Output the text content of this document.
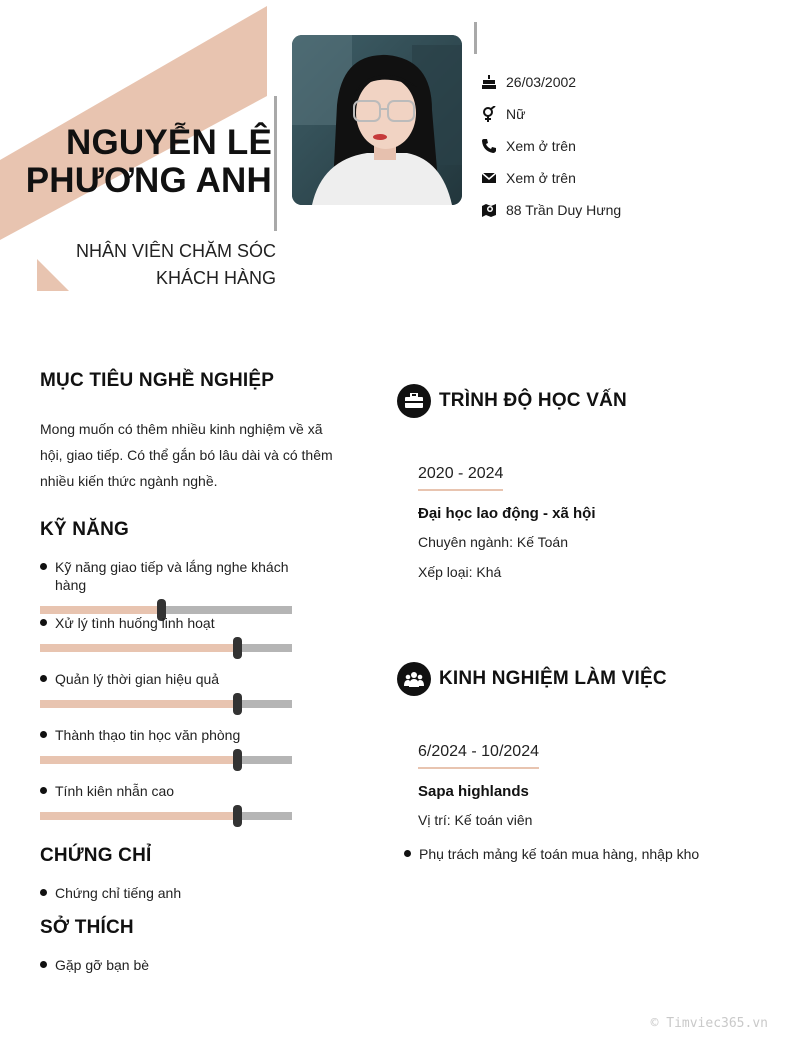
NGUYỄN LÊ
PHƯƠNG ANH
NHÂN VIÊN CHĂM SÓC
KHÁCH HÀNG
26/03/2002
Nữ
Xem ở trên
Xem ở trên
88 Trần Duy Hưng
MỤC TIÊU NGHỀ NGHIỆP
Mong muốn có thêm nhiều kinh nghiệm về xã
hội, giao tiếp. Có thể gắn bó lâu dài và có thêm
nhiều kiến thức ngành nghề.
KỸ NĂNG
Kỹ năng giao tiếp và lắng nghe khách hàng
Xử lý tình huống linh hoạt
Quản lý thời gian hiệu quả
Thành thạo tin học văn phòng
Tính kiên nhẫn cao
CHỨNG CHỈ
Chứng chỉ tiếng anh
SỞ THÍCH
Gặp gỡ bạn bè
TRÌNH ĐỘ HỌC VẤN
2020 - 2024
Đại học lao động - xã hội
Chuyên ngành: Kế Toán
Xếp loại: Khá
KINH NGHIỆM LÀM VIỆC
6/2024 - 10/2024
Sapa highlands
Vị trí: Kế toán viên
Phụ trách mảng kế toán mua hàng, nhập kho
© Timviec365.vn
